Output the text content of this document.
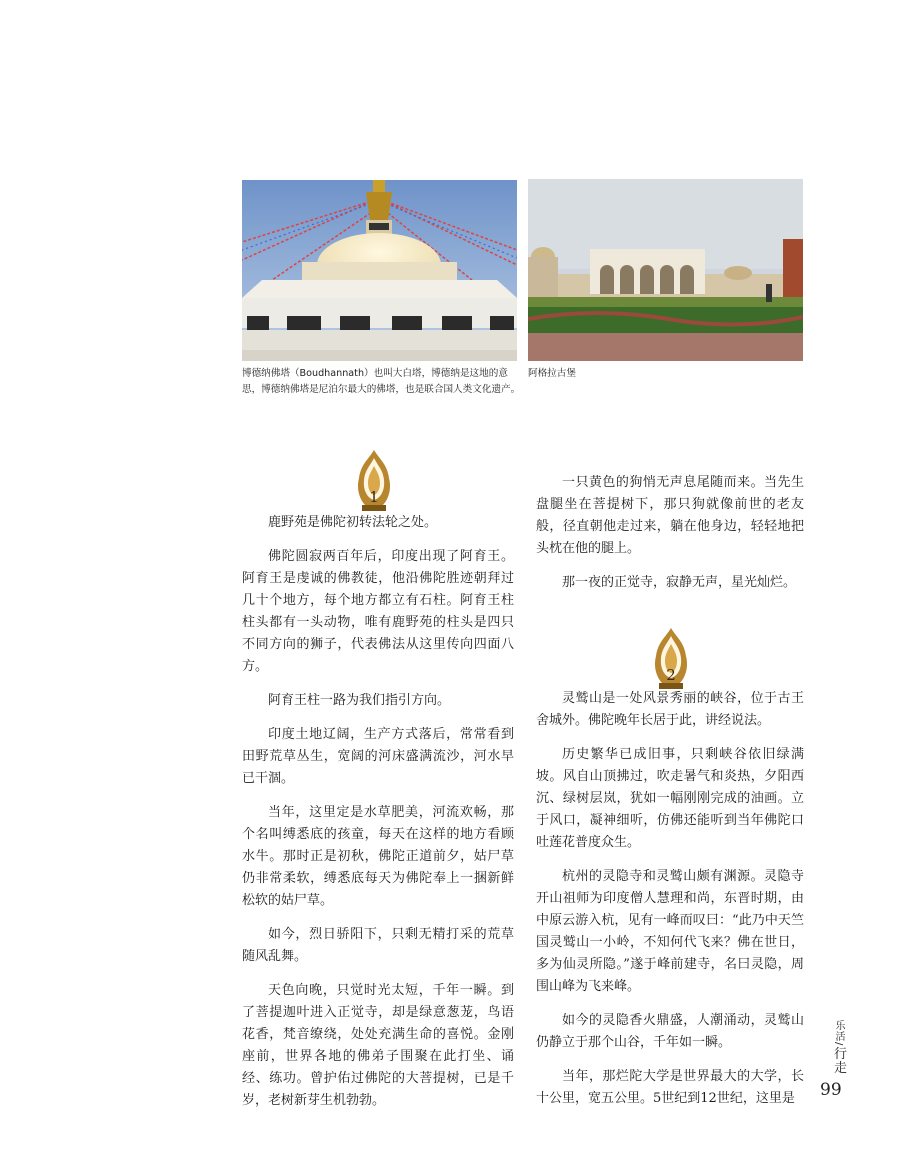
博德纳佛塔（Boudhannath）也叫大白塔，博德纳是这地的意思，博德纳佛塔是尼泊尔最大的佛塔，也是联合国人类文化遗产。

阿格拉古堡

1

鹿野苑是佛陀初转法轮之处。

佛陀圆寂两百年后，印度出现了阿育王。阿育王是虔诚的佛教徒，他沿佛陀胜迹朝拜过几十个地方，每个地方都立有石柱。阿育王柱柱头都有一头动物，唯有鹿野苑的柱头是四只不同方向的狮子，代表佛法从这里传向四面八方。

阿育王柱一路为我们指引方向。

印度土地辽阔，生产方式落后，常常看到田野荒草丛生，宽阔的河床盛满流沙，河水早已干涸。

当年，这里定是水草肥美，河流欢畅，那个名叫缚悉底的孩童，每天在这样的地方看顾水牛。那时正是初秋，佛陀正道前夕，姑尸草仍非常柔软，缚悉底每天为佛陀奉上一捆新鲜松软的姑尸草。

如今，烈日骄阳下，只剩无精打采的荒草随风乱舞。

天色向晚，只觉时光太短，千年一瞬。到了菩提迦叶进入正觉寺，却是绿意葱茏，鸟语花香，梵音缭绕，处处充满生命的喜悦。金刚座前，世界各地的佛弟子围聚在此打坐、诵经、练功。曾护佑过佛陀的大菩提树，已是千岁，老树新芽生机勃勃。

一只黄色的狗悄无声息尾随而来。当先生盘腿坐在菩提树下，那只狗就像前世的老友般，径直朝他走过来，躺在他身边，轻轻地把头枕在他的腿上。

那一夜的正觉寺，寂静无声，星光灿烂。

2

灵鹫山是一处风景秀丽的峡谷，位于古王舍城外。佛陀晚年长居于此，讲经说法。

历史繁华已成旧事，只剩峡谷依旧绿满坡。风自山顶拂过，吹走暑气和炎热，夕阳西沉、绿树层岚，犹如一幅刚刚完成的油画。立于风口，凝神细听，仿佛还能听到当年佛陀口吐莲花普度众生。

杭州的灵隐寺和灵鹫山颇有渊源。灵隐寺开山祖师为印度僧人慧理和尚，东晋时期，由中原云游入杭，见有一峰而叹曰：“此乃中天竺国灵鹫山一小岭，不知何代飞来？佛在世日，多为仙灵所隐。”遂于峰前建寺，名曰灵隐，周围山峰为飞来峰。

如今的灵隐香火鼎盛，人潮涌动，灵鹫山仍静立于那个山谷，千年如一瞬。

当年，那烂陀大学是世界最大的大学，长十公里，宽五公里。5世纪到12世纪，这里是

乐活/行走
99
